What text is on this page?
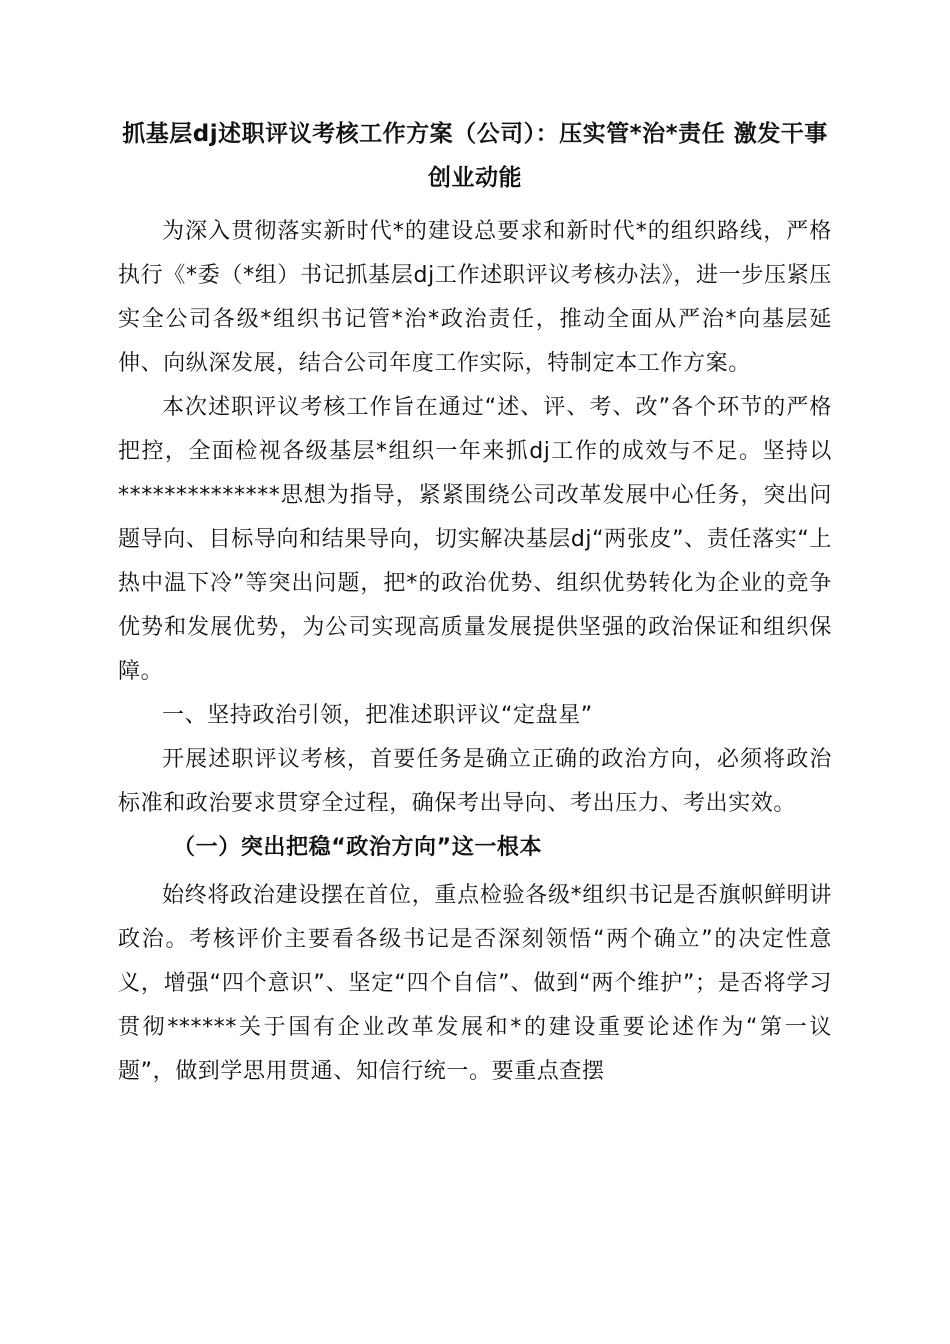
抓基层dj述职评议考核工作方案（公司）：压实管*治*责任 激发干事创业动能

为深入贯彻落实新时代*的建设总要求和新时代*的组织路线，严格执行《*委（*组）书记抓基层dj工作述职评议考核办法》，进一步压紧压实全公司各级*组织书记管*治*政治责任，推动全面从严治*向基层延伸、向纵深发展，结合公司年度工作实际，特制定本工作方案。

本次述职评议考核工作旨在通过“述、评、考、改”各个环节的严格把控，全面检视各级基层*组织一年来抓dj工作的成效与不足。坚持以**************思想为指导，紧紧围绕公司改革发展中心任务，突出问题导向、目标导向和结果导向，切实解决基层dj“两张皮”、责任落实“上热中温下冷”等突出问题，把*的政治优势、组织优势转化为企业的竞争优势和发展优势，为公司实现高质量发展提供坚强的政治保证和组织保障。

一、坚持政治引领，把准述职评议“定盘星”

开展述职评议考核，首要任务是确立正确的政治方向，必须将政治标准和政治要求贯穿全过程，确保考出导向、考出压力、考出实效。

（一）突出把稳“政治方向”这一根本

始终将政治建设摆在首位，重点检验各级*组织书记是否旗帜鲜明讲政治。考核评价主要看各级书记是否深刻领悟“两个确立”的决定性意义，增强“四个意识”、坚定“四个自信”、做到“两个维护”；是否将学习贯彻******关于国有企业改革发展和*的建设重要论述作为“第一议题”，做到学思用贯通、知信行统一。要重点查摆
